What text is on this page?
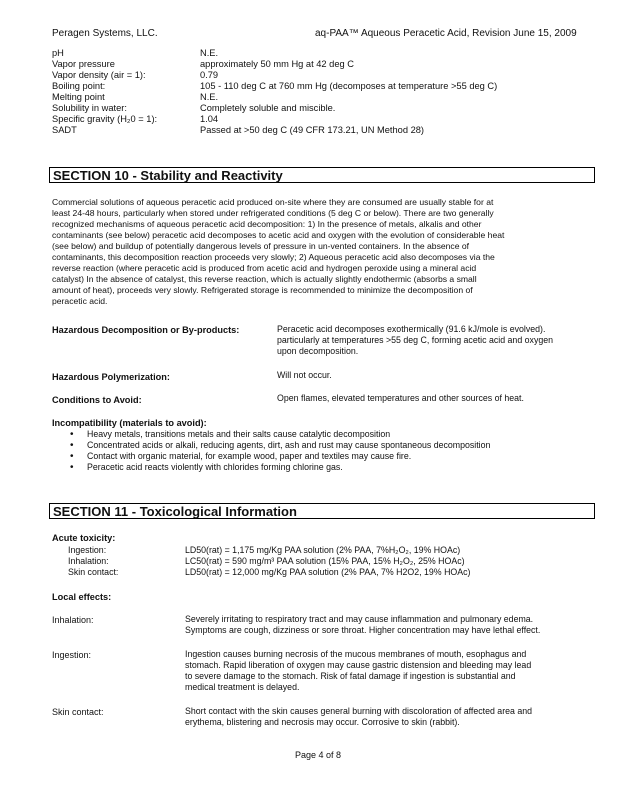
Peragen Systems, LLC.	aq-PAA™ Aqueous Peracetic Acid, Revision June 15, 2009
pH	N.E.
Vapor pressure	approximately 50 mm Hg at 42 deg C
Vapor density (air = 1):	0.79
Boiling point:	105 - 110 deg C at 760 mm Hg (decomposes at temperature >55 deg C)
Melting point	N.E.
Solubility in water:	Completely soluble and miscible.
Specific gravity (H₂0 = 1):	1.04
SADT	Passed at >50 deg C (49 CFR 173.21, UN Method 28)
SECTION 10 - Stability and Reactivity
Commercial solutions of aqueous peracetic acid produced on-site where they are consumed are usually stable for at
least 24-48 hours, particularly when stored under refrigerated conditions (5 deg C or below). There are two generally
recognized mechanisms of aqueous peracetic acid decomposition: 1) In the presence of metals, alkalis and other
contaminants (see below) peracetic acid decomposes to acetic acid and oxygen with the evolution of considerable heat
(see below) and buildup of potentially dangerous levels of pressure in un-vented containers. In the absence of
contaminants, this decomposition reaction proceeds very slowly; 2) Aqueous peracetic acid also decomposes via the
reverse reaction (where peracetic acid is produced from acetic acid and hydrogen peroxide using a mineral acid
catalyst) In the absence of catalyst, this reverse reaction, which is actually slightly endothermic (absorbs a small
amount of heat), proceeds very slowly. Refrigerated storage is recommended to minimize the decomposition of
peracetic acid.
Hazardous Decomposition or By-products:	Peracetic acid decomposes exothermically (91.6 kJ/mole is evolved).
particularly at temperatures >55 deg C, forming acetic acid and oxygen
upon decomposition.
Hazardous Polymerization:	Will not occur.
Conditions to Avoid:	Open flames, elevated temperatures and other sources of heat.
Incompatibility (materials to avoid):
• Heavy metals, transitions metals and their salts cause catalytic decomposition
• Concentrated acids or alkali, reducing agents, dirt, ash and rust may cause spontaneous decomposition
• Contact with organic material, for example wood, paper and textiles may cause fire.
• Peracetic acid reacts violently with chlorides forming chlorine gas.
SECTION 11 - Toxicological Information
Acute toxicity:
Ingestion:	LD50(rat) = 1,175 mg/Kg PAA solution (2% PAA, 7%H₂O₂, 19% HOAc)
Inhalation:	LC50(rat) = 590 mg/m³ PAA solution (15% PAA, 15% H₂O₂, 25% HOAc)
Skin contact:	LD50(rat) = 12,000 mg/Kg PAA solution (2% PAA, 7% H2O2, 19% HOAc)
Local effects:
Inhalation:	Severely irritating to respiratory tract and may cause inflammation and pulmonary edema.
Symptoms are cough, dizziness or sore throat. Higher concentration may have lethal effect.
Ingestion:	Ingestion causes burning necrosis of the mucous membranes of mouth, esophagus and
stomach. Rapid liberation of oxygen may cause gastric distension and bleeding may lead
to severe damage to the stomach. Risk of fatal damage if ingestion is substantial and
medical treatment is delayed.
Skin contact:	Short contact with the skin causes general burning with discoloration of affected area and
erythema, blistering and necrosis may occur. Corrosive to skin (rabbit).
Page 4 of 8
